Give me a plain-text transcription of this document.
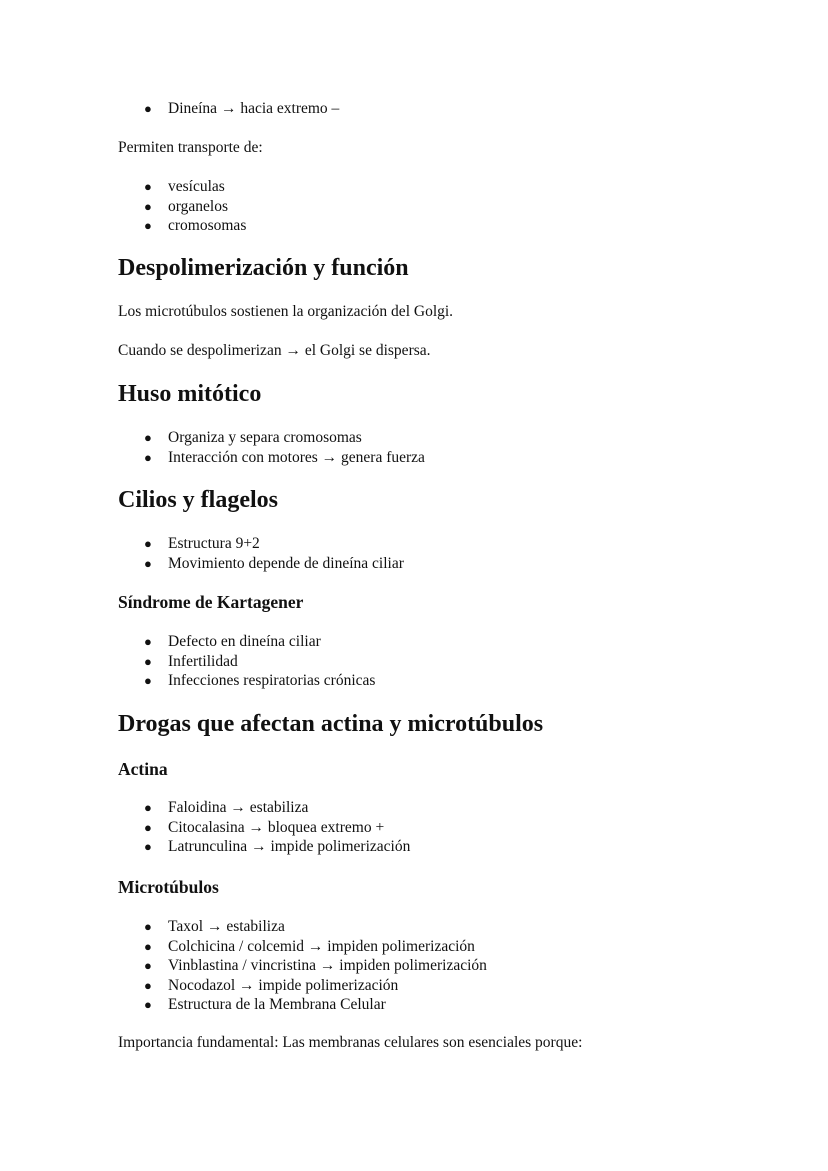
● Dineína → hacia extremo –
Permiten transporte de:
● vesículas
● organelos
● cromosomas
Despolimerización y función
Los microtúbulos sostienen la organización del Golgi.
Cuando se despolimerizan → el Golgi se dispersa.
Huso mitótico
● Organiza y separa cromosomas
● Interacción con motores → genera fuerza
Cilios y flagelos
● Estructura 9+2
● Movimiento depende de dineína ciliar
Síndrome de Kartagener
● Defecto en dineína ciliar
● Infertilidad
● Infecciones respiratorias crónicas
Drogas que afectan actina y microtúbulos
Actina
● Faloidina → estabiliza
● Citocalasina → bloquea extremo +
● Latrunculina → impide polimerización
Microtúbulos
● Taxol → estabiliza
● Colchicina / colcemid → impiden polimerización
● Vinblastina / vincristina → impiden polimerización
● Nocodazol → impide polimerización
● Estructura de la Membrana Celular
Importancia fundamental: Las membranas celulares son esenciales porque:
